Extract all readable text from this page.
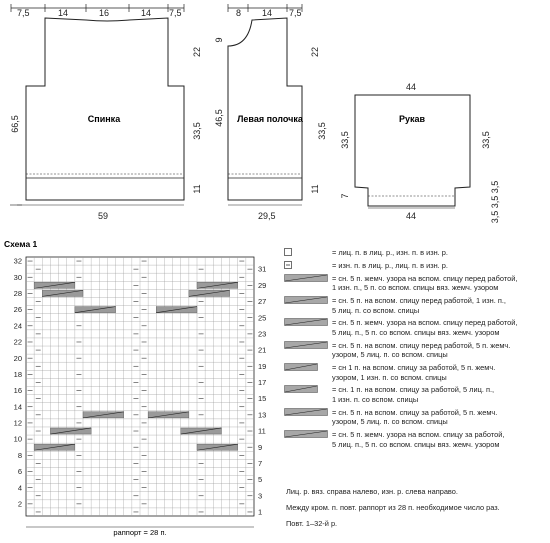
Спинка	Левая полочка	Рукав
7,5	14	16	14 7,5
59
66,5
22
33,5
11
8 14 7,5
9
29,5
46,5
22
33,5
11
44
44
33,5
7
33,5
3,5
3,5
3,5
Схема 1
1
2
3
4
5
6
7
8
9
10
11
12
13
14
15
16
17
18
19
20
21
22
23
24
25
26
27
28
29
30
31
32
раппорт = 28 п.
= лиц. п. в лиц. р., изн. п. в изн. р.
= изн. п. в лиц. р., лиц. п. в изн. р.
= сн. 5 п. жемч. узора на вспом. спицу перед работой,
1 изн. п., 5 п. со вспом. спицы вяз. жемч. узором
= сн. 5 п. на вспом. спицу перед работой, 1 изн. п.,
5 лиц. п. со вспом. спицы
= сн. 5 п. жемч. узора на вспом. спицу перед работой,
5 лиц. п., 5 п. со вспом. спицы вяз. жемч. узором
= сн. 5 п. на вспом. спицу перед работой, 5 п. жемч.
узором, 5 лиц. п. со вспом. спицы
= сн 1 п. на вспом. спицу за работой, 5 п. жемч.
узором, 1 изн. п. со вспом. спицы
= сн. 1 п. на вспом. спицу за работой, 5 лиц. п.,
1 изн. п. со вспом. спицы
= сн. 5 п. на вспом. спицу за работой, 5 п. жемч.
узором, 5 лиц. п. со вспом. спицы
= сн. 5 п. жемч. узора на вспом. спицу за работой,
5 лиц. п., 5 п. со вспом. спицы вяз. жемч. узором
Лиц. р. вяз. справа налево, изн. р. слева направо.
Между кром. п. повт. раппорт из 28 п. необходимое число раз.
Повт. 1–32-й р.
